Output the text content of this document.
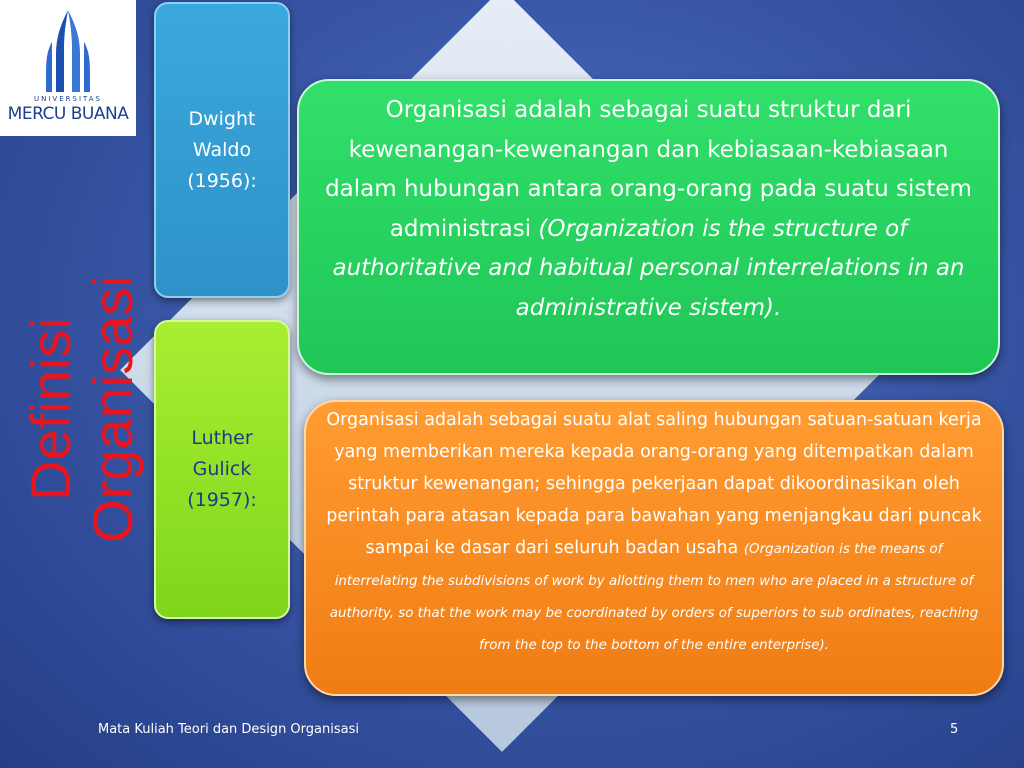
UNIVERSITAS
MERCU BUANA
Definisi Organisasi
Dwight
Waldo
(1956):
Organisasi adalah sebagai suatu struktur dari kewenangan-kewenangan dan kebiasaan-kebiasaan dalam hubungan antara orang-orang pada suatu sistem administrasi (Organization is the structure of authoritative and habitual personal interrelations in an administrative sistem).
Luther
Gulick
(1957):
Organisasi adalah sebagai suatu alat saling hubungan satuan-satuan kerja yang memberikan mereka kepada orang-orang yang ditempatkan dalam struktur kewenangan; sehingga pekerjaan dapat dikoordinasikan oleh perintah para atasan kepada para bawahan yang menjangkau dari puncak sampai ke dasar dari seluruh badan usaha (Organization is the means of interrelating the subdivisions of work by allotting them to men who are placed in a structure of authority, so that the work may be coordinated by orders of superiors to sub ordinates, reaching from the top to the bottom of the entire enterprise).
Mata Kuliah Teori dan Design Organisasi	5
